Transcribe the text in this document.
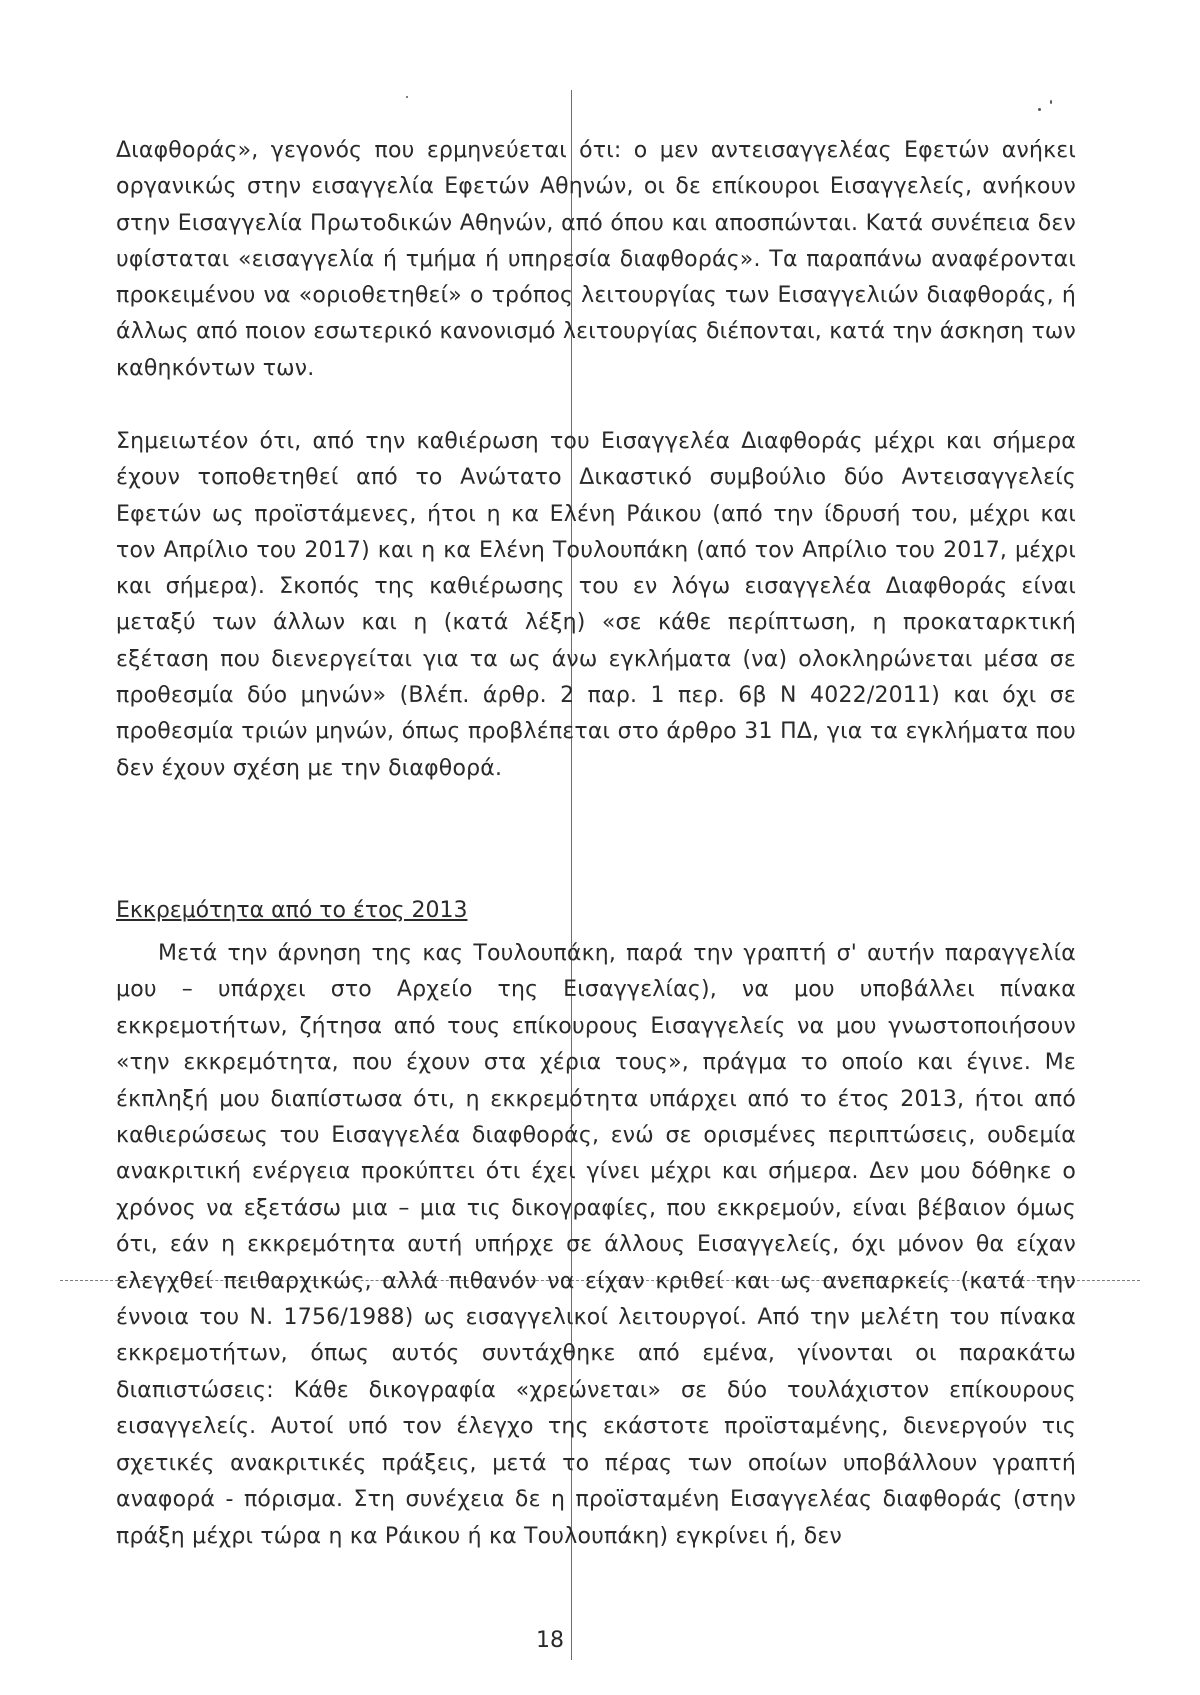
Διαφθοράς», γεγονός που ερμηνεύεται ότι: ο μεν αντεισαγγελέας Εφετών ανήκει οργανικώς στην εισαγγελία Εφετών Αθηνών, οι δε επίκουροι Εισαγγελείς, ανήκουν στην Εισαγγελία Πρωτοδικών Αθηνών, από όπου και αποσπώνται. Κατά συνέπεια δεν υφίσταται «εισαγγελία ή τμήμα ή υπηρεσία διαφθοράς». Τα παραπάνω αναφέρονται προκειμένου να «οριοθετηθεί» ο τρόπος λειτουργίας των Εισαγγελιών διαφθοράς, ή άλλως από ποιον εσωτερικό κανονισμό λειτουργίας διέπονται, κατά την άσκηση των καθηκόντων των.

Σημειωτέον ότι, από την καθιέρωση του Εισαγγελέα Διαφθοράς μέχρι και σήμερα έχουν τοποθετηθεί από το Ανώτατο Δικαστικό συμβούλιο δύο Αντεισαγγελείς Εφετών ως προϊστάμενες, ήτοι η κα Ελένη Ράικου (από την ίδρυσή του, μέχρι και τον Απρίλιο του 2017) και η κα Ελένη Τουλουπάκη (από τον Απρίλιο του 2017, μέχρι και σήμερα). Σκοπός της καθιέρωσης του εν λόγω εισαγγελέα Διαφθοράς είναι μεταξύ των άλλων και η (κατά λέξη) «σε κάθε περίπτωση, η προκαταρκτική εξέταση που διενεργείται για τα ως άνω εγκλήματα (να) ολοκληρώνεται μέσα σε προθεσμία δύο μηνών» (Βλέπ. άρθρ. 2 παρ. 1 περ. 6β Ν 4022/2011) και όχι σε προθεσμία τριών μηνών, όπως προβλέπεται στο άρθρο 31 ΠΔ, για τα εγκλήματα που δεν έχουν σχέση με την διαφθορά.

Εκκρεμότητα από το έτος 2013

Μετά την άρνηση της κας Τουλουπάκη, παρά την γραπτή σ' αυτήν παραγγελία μου – υπάρχει στο Αρχείο της Εισαγγελίας), να μου υποβάλλει πίνακα εκκρεμοτήτων, ζήτησα από τους επίκουρους Εισαγγελείς να μου γνωστοποιήσουν «την εκκρεμότητα, που έχουν στα χέρια τους», πράγμα το οποίο και έγινε. Με έκπληξή μου διαπίστωσα ότι, η εκκρεμότητα υπάρχει από το έτος 2013, ήτοι από καθιερώσεως του Εισαγγελέα διαφθοράς, ενώ σε ορισμένες περιπτώσεις, ουδεμία ανακριτική ενέργεια προκύπτει ότι έχει γίνει μέχρι και σήμερα. Δεν μου δόθηκε ο χρόνος να εξετάσω μια – μια τις δικογραφίες, που εκκρεμούν, είναι βέβαιον όμως ότι, εάν η εκκρεμότητα αυτή υπήρχε σε άλλους Εισαγγελείς, όχι μόνον θα είχαν ελεγχθεί πειθαρχικώς, αλλά πιθανόν να είχαν κριθεί και ως ανεπαρκείς (κατά την έννοια του Ν. 1756/1988) ως εισαγγελικοί λειτουργοί. Από την μελέτη του πίνακα εκκρεμοτήτων, όπως αυτός συντάχθηκε από εμένα, γίνονται οι παρακάτω διαπιστώσεις: Κάθε δικογραφία «χρεώνεται» σε δύο τουλάχιστον επίκουρους εισαγγελείς. Αυτοί υπό τον έλεγχο της εκάστοτε προϊσταμένης, διενεργούν τις σχετικές ανακριτικές πράξεις, μετά το πέρας των οποίων υποβάλλουν γραπτή αναφορά - πόρισμα. Στη συνέχεια δε η προϊσταμένη Εισαγγελέας διαφθοράς (στην πράξη μέχρι τώρα η κα Ράικου ή κα Τουλουπάκη) εγκρίνει ή, δεν

18
